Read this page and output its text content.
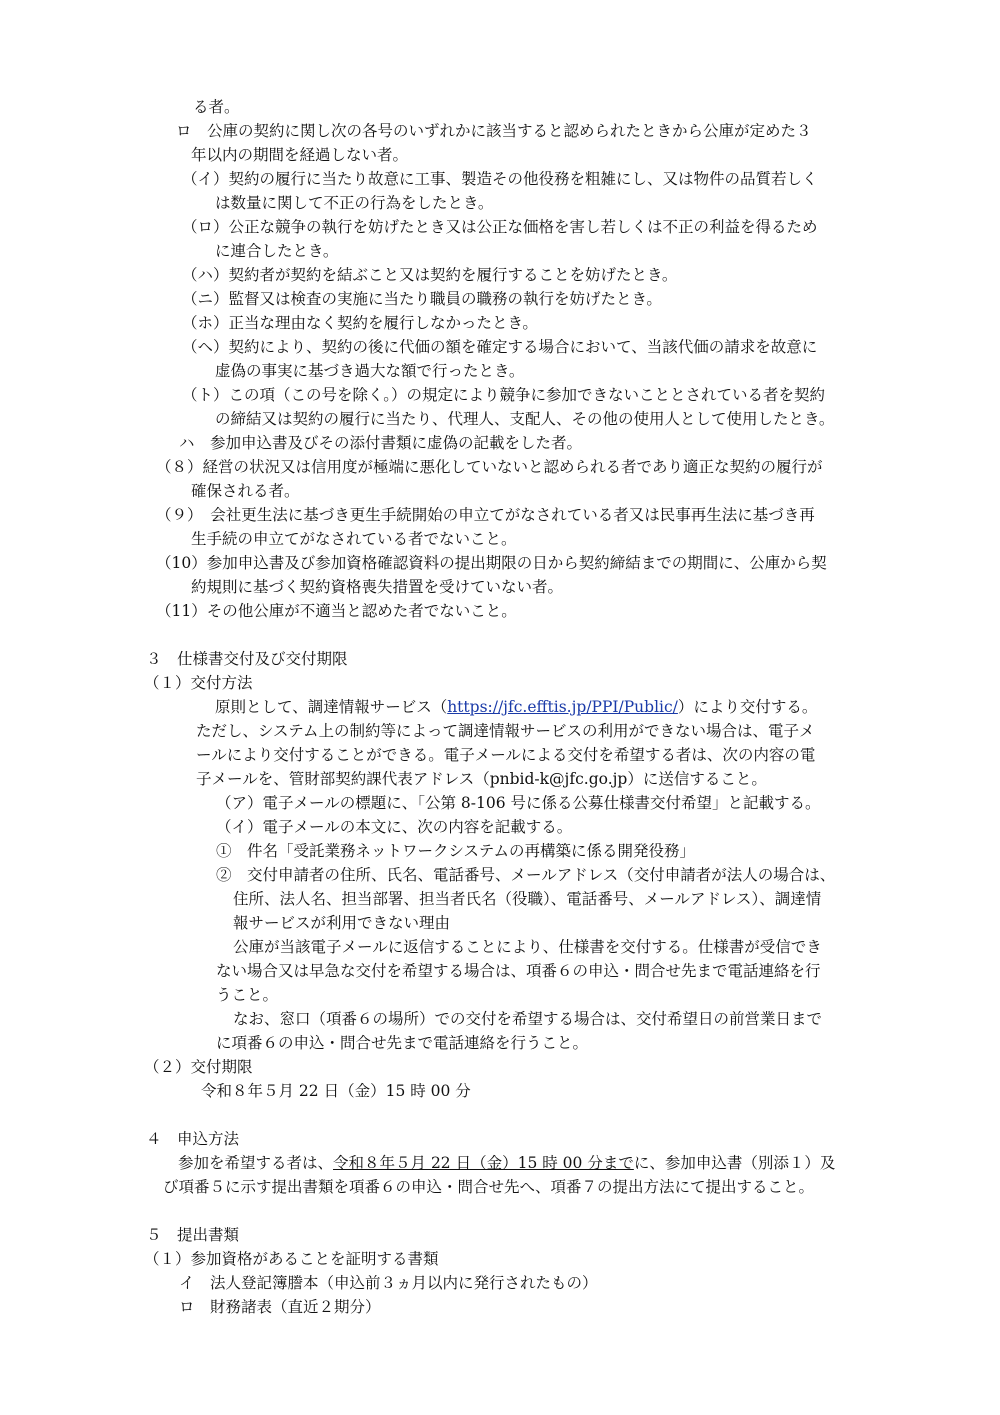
る者。
ロ　公庫の契約に関し次の各号のいずれかに該当すると認められたときから公庫が定めた３
年以内の期間を経過しない者。
（イ）契約の履行に当たり故意に工事、製造その他役務を粗雑にし、又は物件の品質若しく
は数量に関して不正の行為をしたとき。
（ロ）公正な競争の執行を妨げたとき又は公正な価格を害し若しくは不正の利益を得るため
に連合したとき。
（ハ）契約者が契約を結ぶこと又は契約を履行することを妨げたとき。
（ニ）監督又は検査の実施に当たり職員の職務の執行を妨げたとき。
（ホ）正当な理由なく契約を履行しなかったとき。
（ヘ）契約により、契約の後に代価の額を確定する場合において、当該代価の請求を故意に
虚偽の事実に基づき過大な額で行ったとき。
（ト）この項（この号を除く。）の規定により競争に参加できないこととされている者を契約
の締結又は契約の履行に当たり、代理人、支配人、その他の使用人として使用したとき。
ハ　参加申込書及びその添付書類に虚偽の記載をした者。
（８）経営の状況又は信用度が極端に悪化していないと認められる者であり適正な契約の履行が
確保される者。
（９）　会社更生法に基づき更生手続開始の申立てがなされている者又は民事再生法に基づき再
生手続の申立てがなされている者でないこと。
（10）参加申込書及び参加資格確認資料の提出期限の日から契約締結までの期間に、公庫から契
約規則に基づく契約資格喪失措置を受けていない者。
（11）その他公庫が不適当と認めた者でないこと。
３　仕様書交付及び交付期限
（１）交付方法
原則として、調達情報サービス（https://jfc.efftis.jp/PPI/Public/）により交付する。
ただし、システム上の制約等によって調達情報サービスの利用ができない場合は、電子メ
ールにより交付することができる。電子メールによる交付を希望する者は、次の内容の電
子メールを、管財部契約課代表アドレス（pnbid-k@jfc.go.jp）に送信すること。
（ア）電子メールの標題に、「公第 8-106 号に係る公募仕様書交付希望」と記載する。
（イ）電子メールの本文に、次の内容を記載する。
①　件名「受託業務ネットワークシステムの再構築に係る開発役務」
②　交付申請者の住所、氏名、電話番号、メールアドレス（交付申請者が法人の場合は、
住所、法人名、担当部署、担当者氏名（役職）、電話番号、メールアドレス）、調達情
報サービスが利用できない理由
公庫が当該電子メールに返信することにより、仕様書を交付する。仕様書が受信でき
ない場合又は早急な交付を希望する場合は、項番６の申込・問合せ先まで電話連絡を行
うこと。
なお、窓口（項番６の場所）での交付を希望する場合は、交付希望日の前営業日まで
に項番６の申込・問合せ先まで電話連絡を行うこと。
（２）交付期限
令和８年５月 22 日（金）15 時 00 分
４　申込方法
参加を希望する者は、令和８年５月 22 日（金）15 時 00 分までに、参加申込書（別添１）及
び項番５に示す提出書類を項番６の申込・問合せ先へ、項番７の提出方法にて提出すること。
５　提出書類
（１）参加資格があることを証明する書類
イ　法人登記簿謄本（申込前３ヵ月以内に発行されたもの）
ロ　財務諸表（直近２期分）
